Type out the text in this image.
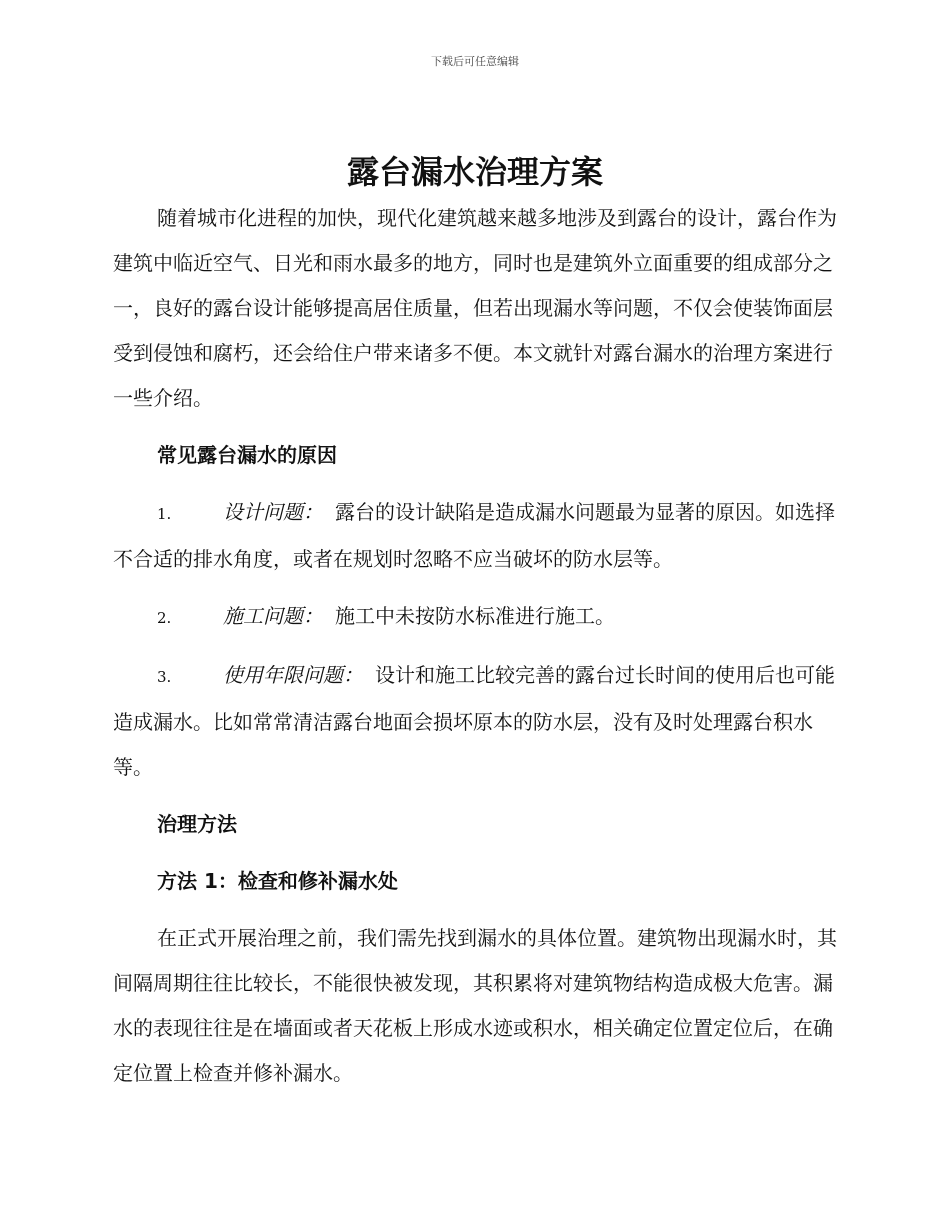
下载后可任意编辑
露台漏水治理方案

随着城市化进程的加快，现代化建筑越来越多地涉及到露台的设计，露台作为建筑中临近空气、日光和雨水最多的地方，同时也是建筑外立面重要的组成部分之一，良好的露台设计能够提高居住质量，但若出现漏水等问题，不仅会使装饰面层受到侵蚀和腐朽，还会给住户带来诸多不便。本文就针对露台漏水的治理方案进行一些介绍。

常见露台漏水的原因

1.	设计问题： 露台的设计缺陷是造成漏水问题最为显著的原因。如选择不合适的排水角度，或者在规划时忽略不应当破坏的防水层等。

2.	施工问题： 施工中未按防水标准进行施工。

3.	使用年限问题： 设计和施工比较完善的露台过长时间的使用后也可能造成漏水。比如常常清洁露台地面会损坏原本的防水层，没有及时处理露台积水等。

治理方法

方法 1：检查和修补漏水处

在正式开展治理之前，我们需先找到漏水的具体位置。建筑物出现漏水时，其间隔周期往往比较长，不能很快被发现，其积累将对建筑物结构造成极大危害。漏水的表现往往是在墙面或者天花板上形成水迹或积水，相关确定位置定位后，在确定位置上检查并修补漏水。
